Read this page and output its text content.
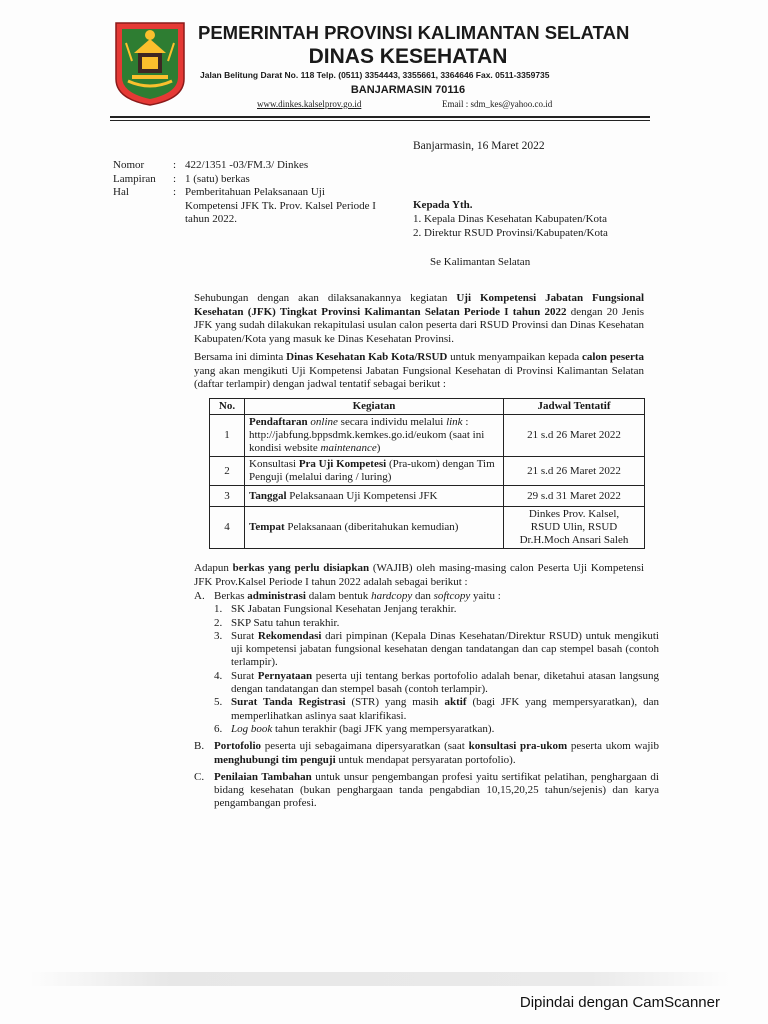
PEMERINTAH PROVINSI KALIMANTAN SELATAN
DINAS KESEHATAN
Jalan Belitung Darat No. 118 Telp. (0511) 3354443, 3355661, 3364646 Fax. 0511-3359735
BANJARMASIN 70116
www.dinkes.kalselprov.go.id	Email : sdm_kes@yahoo.co.id
Banjarmasin, 16 Maret 2022
Nomor	: 422/1351 -03/FM.3/ Dinkes
Lampiran	: 1 (satu) berkas
Hal	: Pemberitahuan Pelaksanaan Uji Kompetensi JFK Tk. Prov. Kalsel Periode I tahun 2022.
Kepada Yth.
1. Kepala Dinas Kesehatan Kabupaten/Kota
2. Direktur RSUD Provinsi/Kabupaten/Kota
Se Kalimantan Selatan
Sehubungan dengan akan dilaksanakannya kegiatan Uji Kompetensi Jabatan Fungsional Kesehatan (JFK) Tingkat Provinsi Kalimantan Selatan Periode I tahun 2022 dengan 20 Jenis JFK yang sudah dilakukan rekapitulasi usulan calon peserta dari RSUD Provinsi dan Dinas Kesehatan Kabupaten/Kota yang masuk ke Dinas Kesehatan Provinsi.
Bersama ini diminta Dinas Kesehatan Kab Kota/RSUD untuk menyampaikan kepada calon peserta yang akan mengikuti Uji Kompetensi Jabatan Fungsional Kesehatan di Provinsi Kalimantan Selatan (daftar terlampir) dengan jadwal tentatif sebagai berikut :
No.	Kegiatan	Jadwal Tentatif
1	Pendaftaran online secara individu melalui link : http://jabfung.bppsdmk.kemkes.go.id/eukom (saat ini kondisi website maintenance)	21 s.d 26 Maret 2022
2	Konsultasi Pra Uji Kompetesi (Pra-ukom) dengan Tim Penguji (melalui daring / luring)	21 s.d 26 Maret 2022
3	Tanggal Pelaksanaan Uji Kompetensi JFK	29 s.d 31 Maret 2022
4	Tempat Pelaksanaan (diberitahukan kemudian)	Dinkes Prov. Kalsel,
RSUD Ulin, RSUD
Dr.H.Moch Ansari Saleh
Adapun berkas yang perlu disiapkan (WAJIB) oleh masing-masing calon Peserta Uji Kompetensi JFK Prov.Kalsel Periode I tahun 2022 adalah sebagai berikut :
A. Berkas administrasi dalam bentuk hardcopy dan softcopy yaitu :
1. SK Jabatan Fungsional Kesehatan Jenjang terakhir.
2. SKP Satu tahun terakhir.
3. Surat Rekomendasi dari pimpinan (Kepala Dinas Kesehatan/Direktur RSUD) untuk mengikuti uji kompetensi jabatan fungsional kesehatan dengan tandatangan dan cap stempel basah (contoh terlampir).
4. Surat Pernyataan peserta uji tentang berkas portofolio adalah benar, diketahui atasan langsung dengan tandatangan dan stempel basah (contoh terlampir).
5. Surat Tanda Registrasi (STR) yang masih aktif (bagi JFK yang mempersyaratkan), dan memperlihatkan aslinya saat klarifikasi.
6. Log book tahun terakhir (bagi JFK yang mempersyaratkan).
B. Portofolio peserta uji sebagaimana dipersyaratkan (saat konsultasi pra-ukom peserta ukom wajib menghubungi tim penguji untuk mendapat persyaratan portofolio).
C. Penilaian Tambahan untuk unsur pengembangan profesi yaitu sertifikat pelatihan, penghargaan di bidang kesehatan (bukan penghargaan tanda pengabdian 10,15,20,25 tahun/sejenis) dan karya pengambangan profesi.
Dipindai dengan CamScanner
